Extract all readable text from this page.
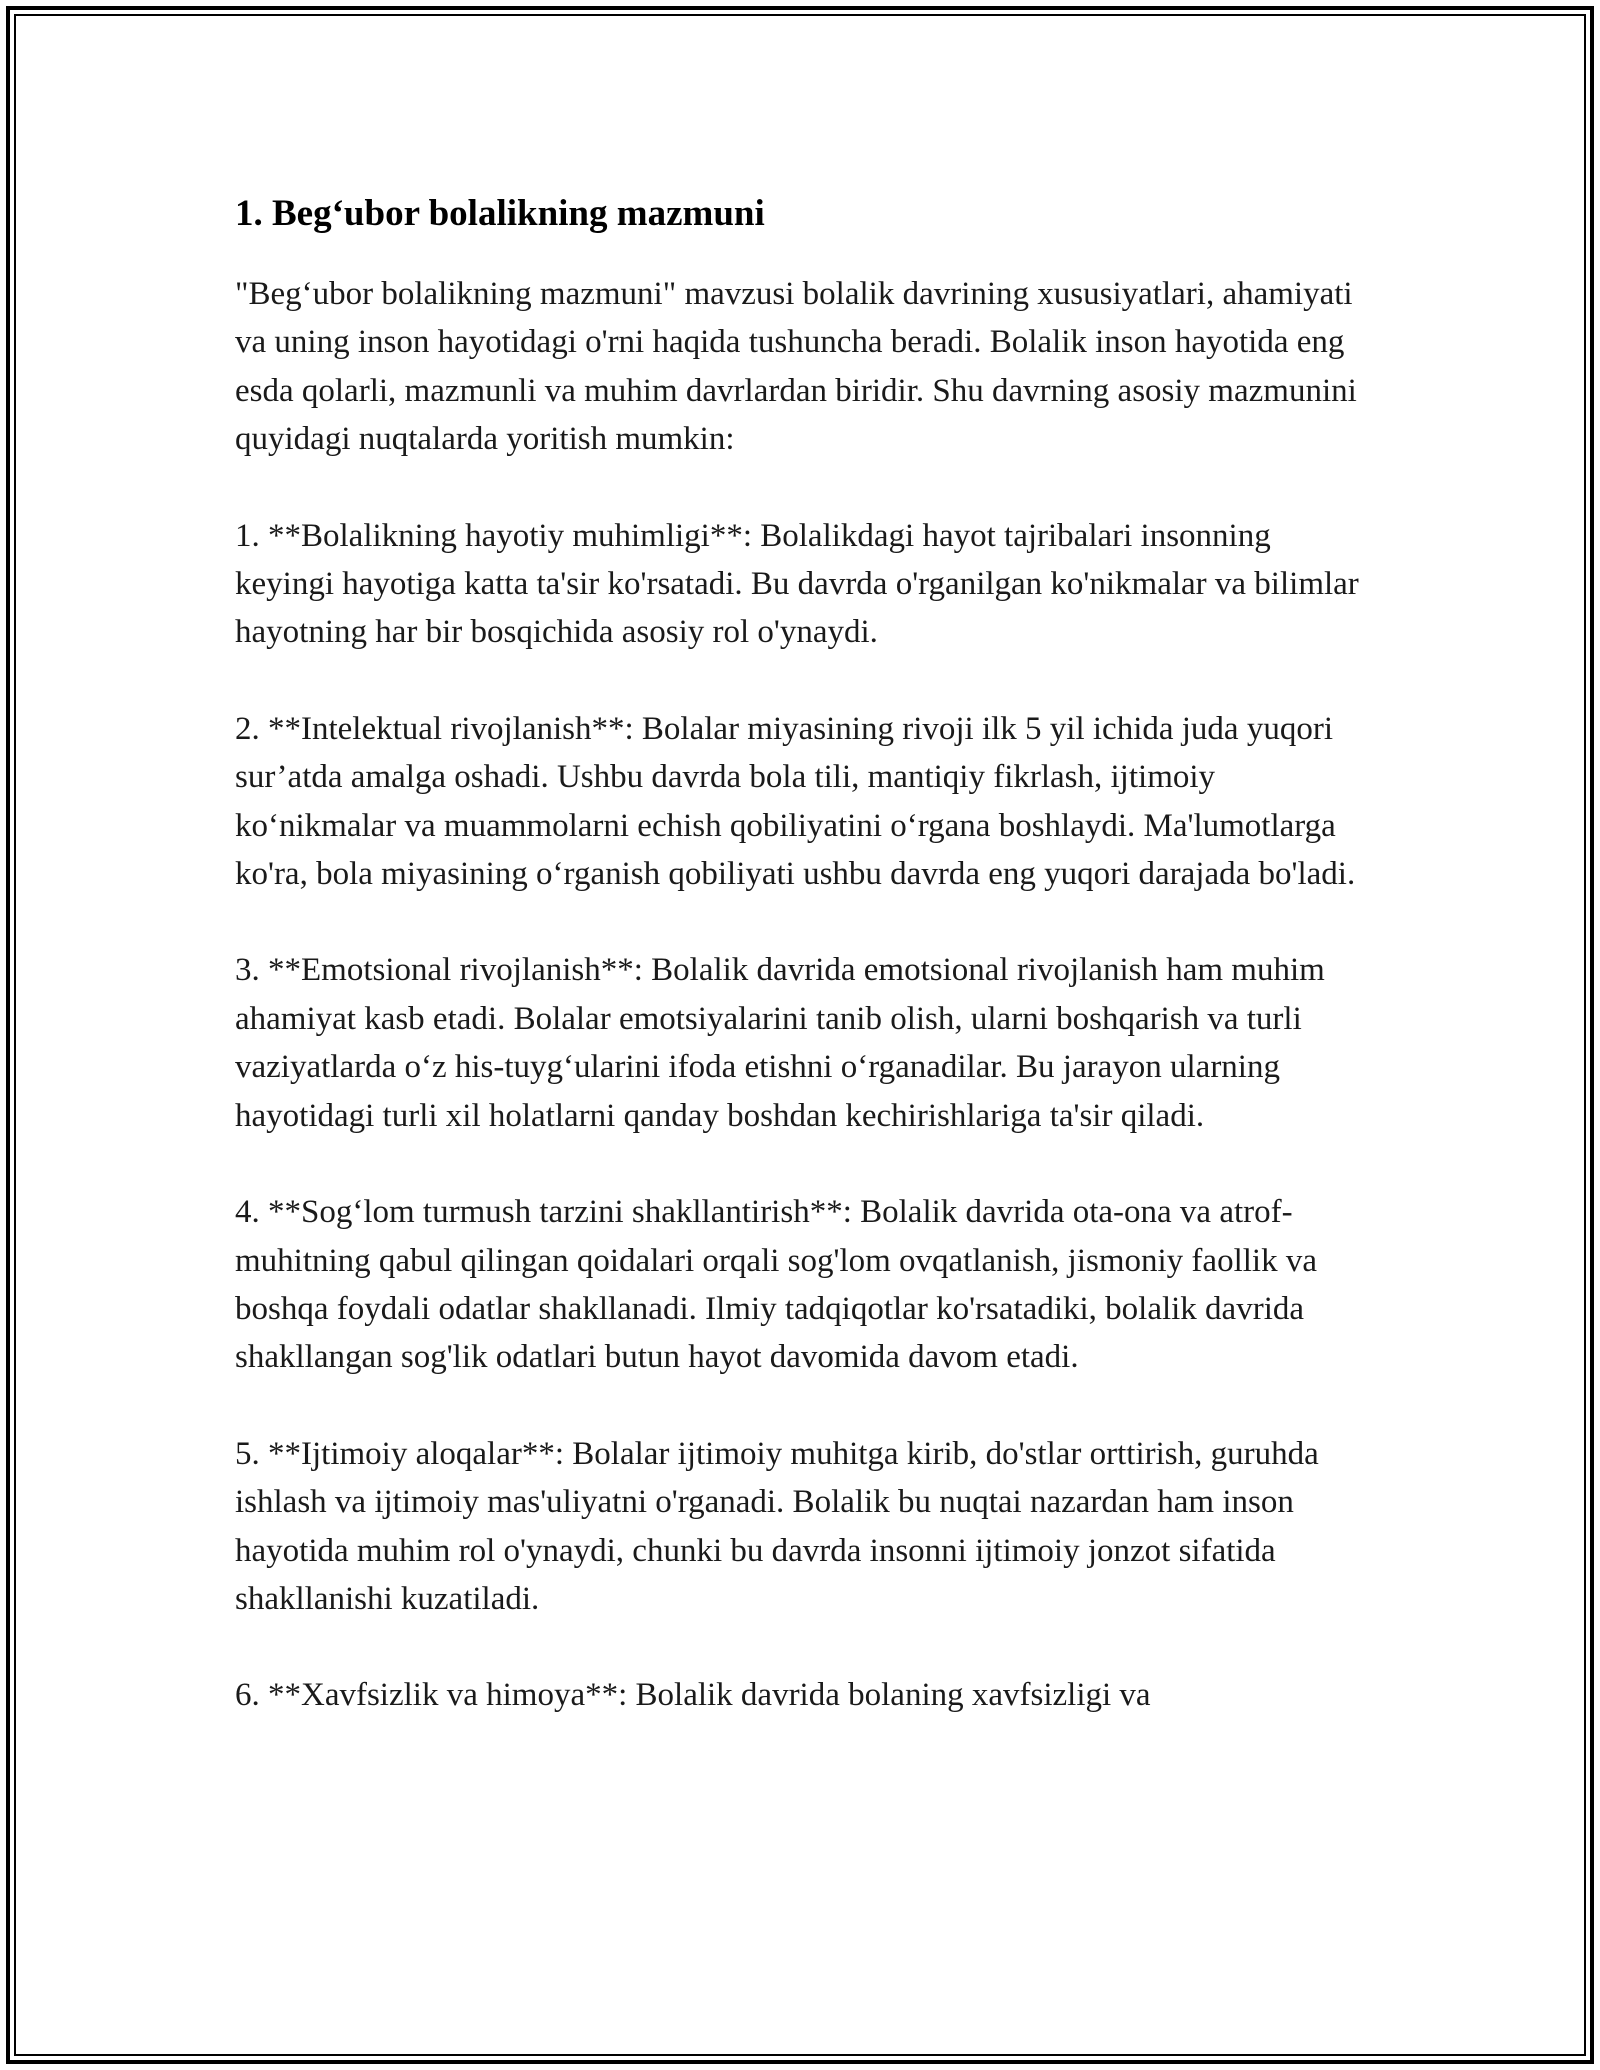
1. Beg‘ubor bolalikning mazmuni

"Beg‘ubor bolalikning mazmuni" mavzusi bolalik davrining xususiyatlari, ahamiyati va uning inson hayotidagi o'rni haqida tushuncha beradi. Bolalik inson hayotida eng esda qolarli, mazmunli va muhim davrlardan biridir. Shu davrning asosiy mazmunini quyidagi nuqtalarda yoritish mumkin:

1. **Bolalikning hayotiy muhimligi**: Bolalikdagi hayot tajribalari insonning keyingi hayotiga katta ta'sir ko'rsatadi. Bu davrda o'rganilgan ko'nikmalar va bilimlar hayotning har bir bosqichida asosiy rol o'ynaydi.

2. **Intelektual rivojlanish**: Bolalar miyasining rivoji ilk 5 yil ichida juda yuqori sur’atda amalga oshadi. Ushbu davrda bola tili, mantiqiy fikrlash, ijtimoiy ko‘nikmalar va muammolarni echish qobiliyatini o‘rgana boshlaydi. Ma'lumotlarga ko'ra, bola miyasining o‘rganish qobiliyati ushbu davrda eng yuqori darajada bo'ladi.

3. **Emotsional rivojlanish**: Bolalik davrida emotsional rivojlanish ham muhim ahamiyat kasb etadi. Bolalar emotsiyalarini tanib olish, ularni boshqarish va turli vaziyatlarda o‘z his-tuyg‘ularini ifoda etishni o‘rganadilar. Bu jarayon ularning hayotidagi turli xil holatlarni qanday boshdan kechirishlariga ta'sir qiladi.

4. **Sog‘lom turmush tarzini shakllantirish**: Bolalik davrida ota-ona va atrof-muhitning qabul qilingan qoidalari orqali sog'lom ovqatlanish, jismoniy faollik va boshqa foydali odatlar shakllanadi. Ilmiy tadqiqotlar ko'rsatadiki, bolalik davrida shakllangan sog'lik odatlari butun hayot davomida davom etadi.

5. **Ijtimoiy aloqalar**: Bolalar ijtimoiy muhitga kirib, do'stlar orttirish, guruhda ishlash va ijtimoiy mas'uliyatni o'rganadi. Bolalik bu nuqtai nazardan ham inson hayotida muhim rol o'ynaydi, chunki bu davrda insonni ijtimoiy jonzot sifatida shakllanishi kuzatiladi.

6. **Xavfsizlik va himoya**: Bolalik davrida bolaning xavfsizligi va
